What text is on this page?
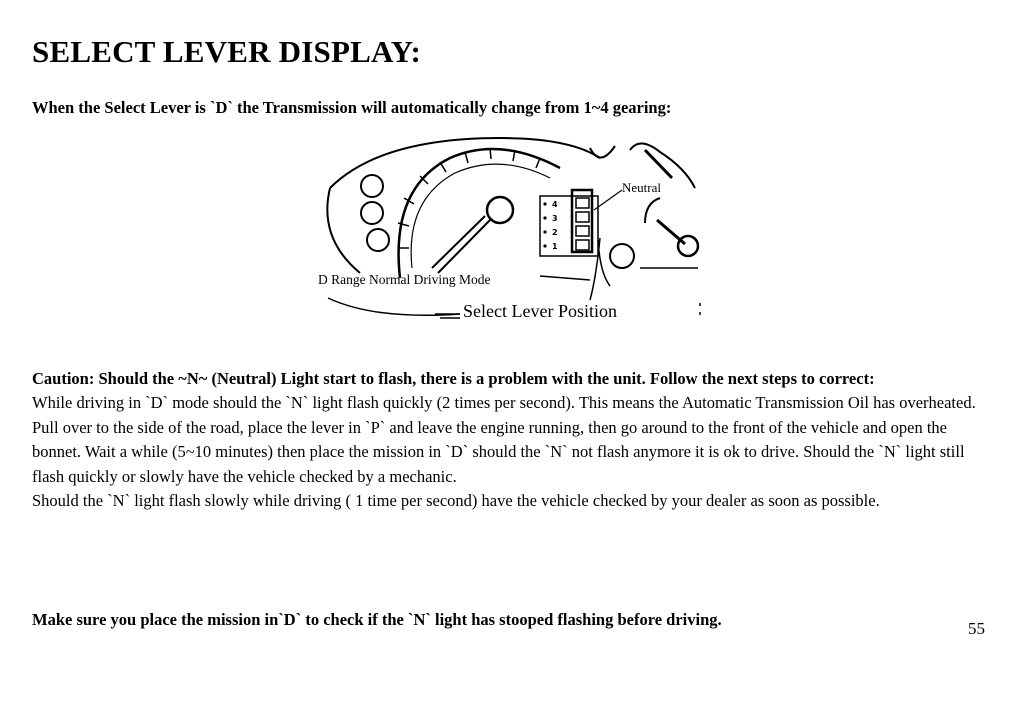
SELECT LEVER DISPLAY:

When the Select Lever is `D` the Transmission will automatically change from 1~4 gearing:

4
3
2
1
Neutral
D Range Normal Driving Mode
Select Lever Position

Caution: Should the ~N~ (Neutral) Light start to flash, there is a problem with the unit. Follow the next steps to correct:

While driving in `D` mode should the `N` light flash quickly (2 times per second). This means the Automatic Transmission Oil has overheated. Pull over to the side of the road, place the lever in `P` and leave the engine running, then go around to the front of the vehicle and open the bonnet. Wait a while (5~10 minutes) then place the mission in `D` should the `N` not flash anymore it is ok to drive. Should the `N` light still flash quickly or slowly have the vehicle checked by a mechanic.

Should the `N` light flash slowly while driving ( 1 time per second) have the vehicle checked by your dealer as soon as possible.

Make sure you place the mission in`D` to check if the `N` light has stooped flashing before driving.	55
